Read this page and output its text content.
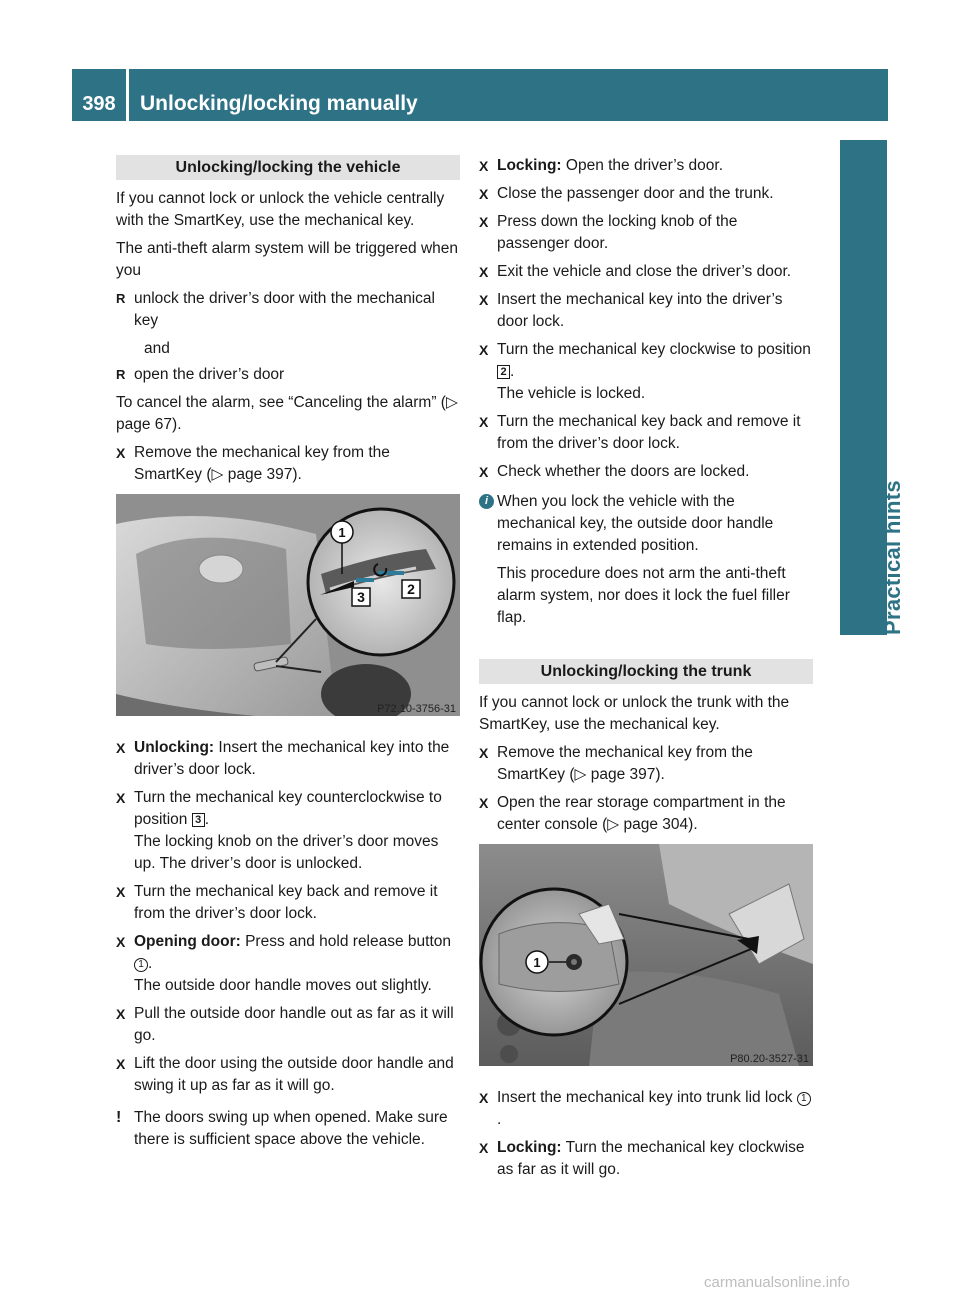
398	Unlocking/locking manually
Practical hints
Unlocking/locking the vehicle

If you cannot lock or unlock the vehicle centrally with the SmartKey, use the mechanical key.

The anti-theft alarm system will be triggered when you

R unlock the driver’s door with the mechanical key
and
R open the driver’s door

To cancel the alarm, see “Canceling the alarm” (▷ page 67).

X Remove the mechanical key from the SmartKey (▷ page 397).
1
3	2
P72.10-3756-31
X Unlocking: Insert the mechanical key into the driver’s door lock.
X Turn the mechanical key counterclockwise to position 3 .
The locking knob on the driver’s door moves up. The driver’s door is unlocked.
X Turn the mechanical key back and remove it from the driver’s door lock.
X Opening door: Press and hold release button 1 .
The outside door handle moves out slightly.
X Pull the outside door handle out as far as it will go.
X Lift the door using the outside door handle and swing it up as far as it will go.
! The doors swing up when opened. Make sure there is sufficient space above the vehicle.
X Locking: Open the driver’s door.
X Close the passenger door and the trunk.
X Press down the locking knob of the passenger door.
X Exit the vehicle and close the driver’s door.
X Insert the mechanical key into the driver’s door lock.
X Turn the mechanical key clockwise to position 2 .
The vehicle is locked.
X Turn the mechanical key back and remove it from the driver’s door lock.
X Check whether the doors are locked.
i When you lock the vehicle with the mechanical key, the outside door handle remains in extended position.
This procedure does not arm the anti-theft alarm system, nor does it lock the fuel filler flap.
Unlocking/locking the trunk

If you cannot lock or unlock the trunk with the SmartKey, use the mechanical key.

X Remove the mechanical key from the SmartKey (▷ page 397).
X Open the rear storage compartment in the center console (▷ page 304).
1
P80.20-3527-31
X Insert the mechanical key into trunk lid lock 1.
X Locking: Turn the mechanical key clockwise as far as it will go.
carmanualsonline.info
